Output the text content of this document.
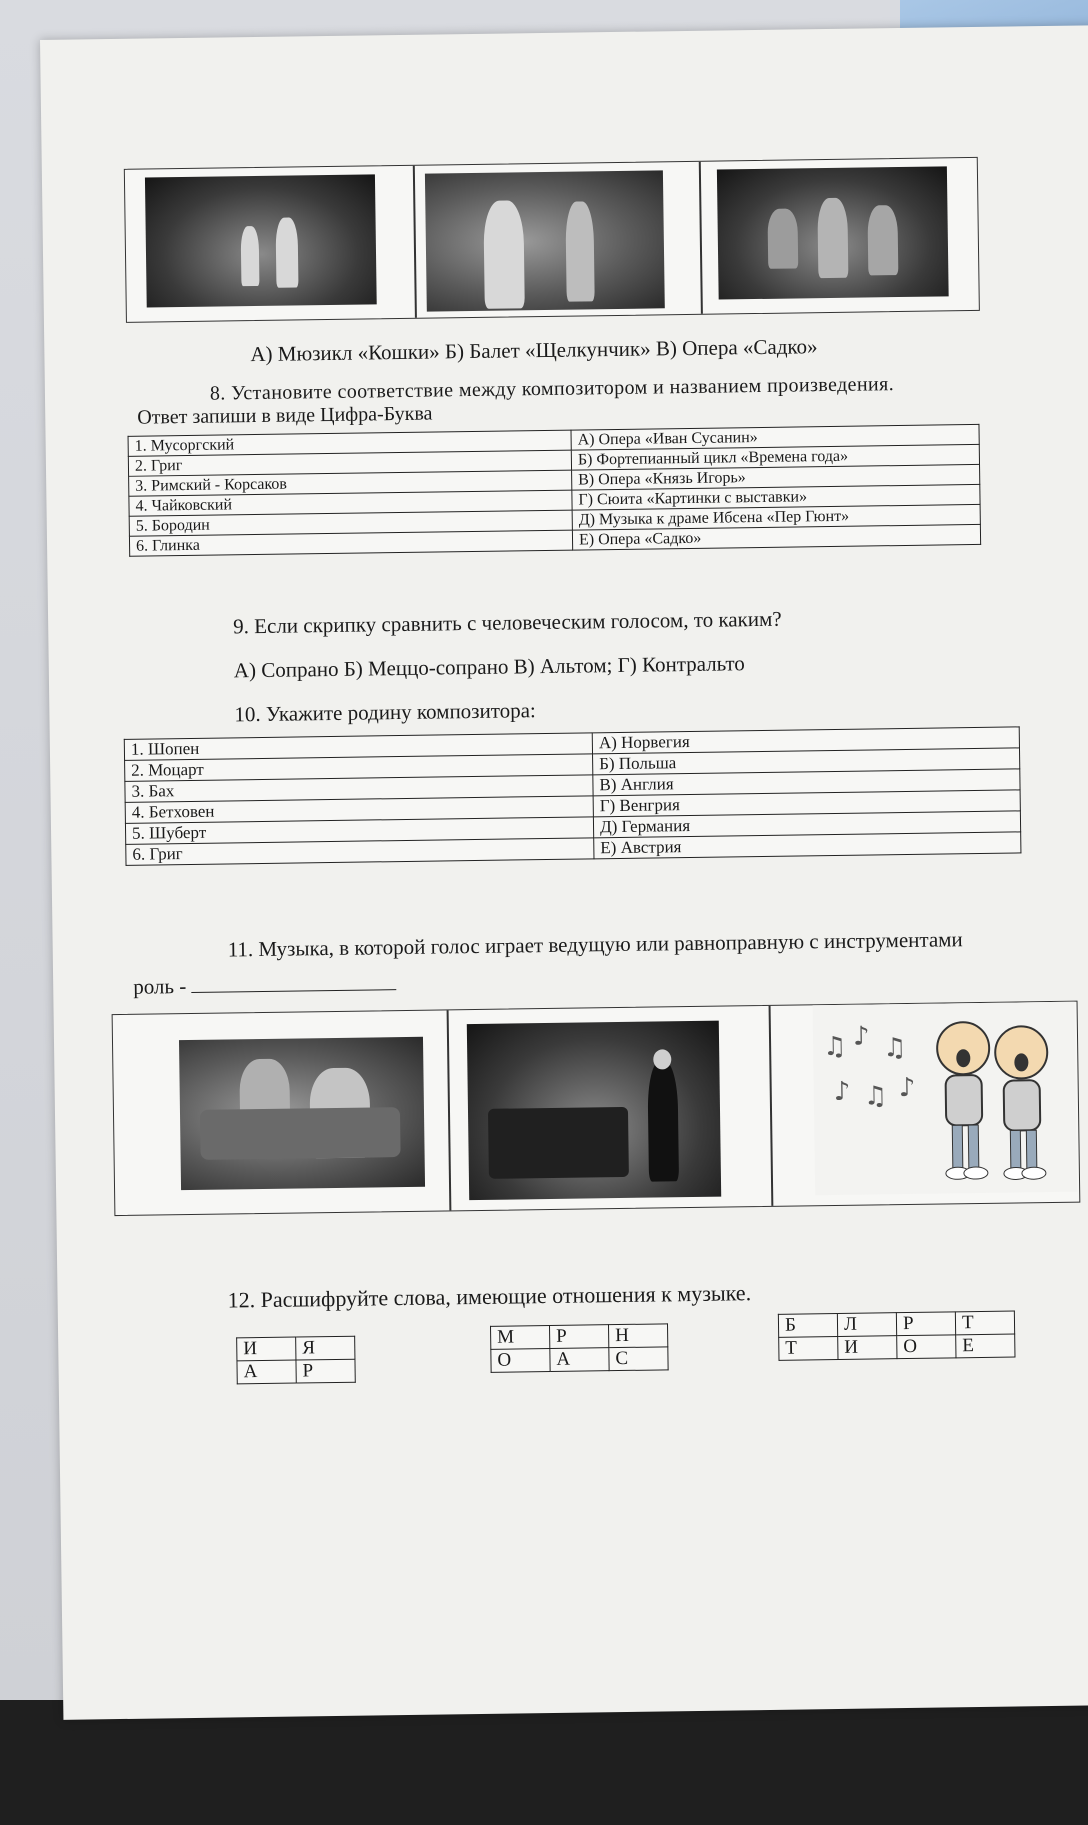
А) Мюзикл «Кошки» Б) Балет «Щелкунчик» В) Опера «Садко»
8. Установите соответствие между композитором и названием произведения.
Ответ запиши в виде Цифра-Буква
1. Мусоргский	А) Опера «Иван Сусанин»
2. Григ	Б) Фортепианный цикл «Времена года»
3. Римский - Корсаков	В) Опера «Князь Игорь»
4. Чайковский	Г) Сюита «Картинки с выставки»
5. Бородин	Д) Музыка к драме Ибсена «Пер Гюнт»
6. Глинка	Е) Опера «Садко»
9. Если скрипку сравнить с человеческим голосом, то каким?
А) Сопрано Б) Меццо-сопрано В) Альтом; Г) Контральто
10. Укажите родину композитора:
1. Шопен	А) Норвегия
2. Моцарт	Б) Польша
3. Бах	В) Англия
4. Бетховен	Г) Венгрия
5. Шуберт	Д) Германия
6. Григ	Е) Австрия
11. Музыка, в которой голос играет ведущую или равноправную с инструментами
роль -
♫ ♪ ♫
♪ ♫ ♪
12. Расшифруйте слова, имеющие отношения к музыке.
И	Я
А	Р
М	Р	Н
О	А	С
Б	Л	Р	Т
Т	И	О	Е
